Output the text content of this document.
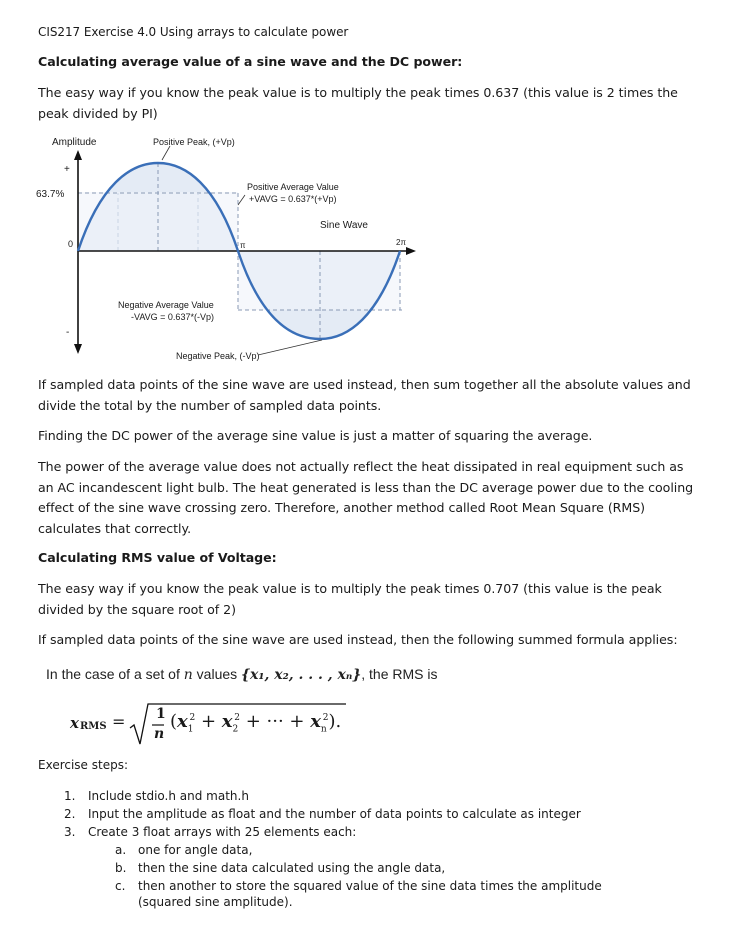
CIS217 Exercise 4.0 Using arrays to calculate power
Calculating average value of a sine wave and the DC power:
The easy way if you know the peak value is to multiply the peak times 0.637 (this value is 2 times the peak divided by PI)
Amplitude	Positive Peak, (+Vp)
+
63.7%
0
-
Positive Average Value
+VAVG = 0.637*(+Vp)
Sine Wave
π	2π
Negative Average Value
-VAVG = 0.637*(-Vp)
Negative Peak, (-Vp)
If sampled data points of the sine wave are used instead, then sum together all the absolute values and divide the total by the number of sampled data points.
Finding the DC power of the average sine value is just a matter of squaring the average.
The power of the average value does not actually reflect the heat dissipated in real equipment such as an AC incandescent light bulb. The heat generated is less than the DC average power due to the cooling effect of the sine wave crossing zero. Therefore, another method called Root Mean Square (RMS) calculates that correctly.
Calculating RMS value of Voltage:
The easy way if you know the peak value is to multiply the peak times 0.707 (this value is the peak divided by the square root of 2)
If sampled data points of the sine wave are used instead, then the following summed formula applies:
In the case of a set of n values {x₁, x₂, . . . , xₙ}, the RMS is
x RMS = 1
n
($x_1^2 + x_2^2$ + ··· + $x_n^2$).
Exercise steps:
1. Include stdio.h and math.h
2. Input the amplitude as float and the number of data points to calculate as integer
3. Create 3 float arrays with 25 elements each:
a. one for angle data,
b. then the sine data calculated using the angle data,
c. then another to store the squared value of the sine data times the amplitude (squared sine amplitude).
